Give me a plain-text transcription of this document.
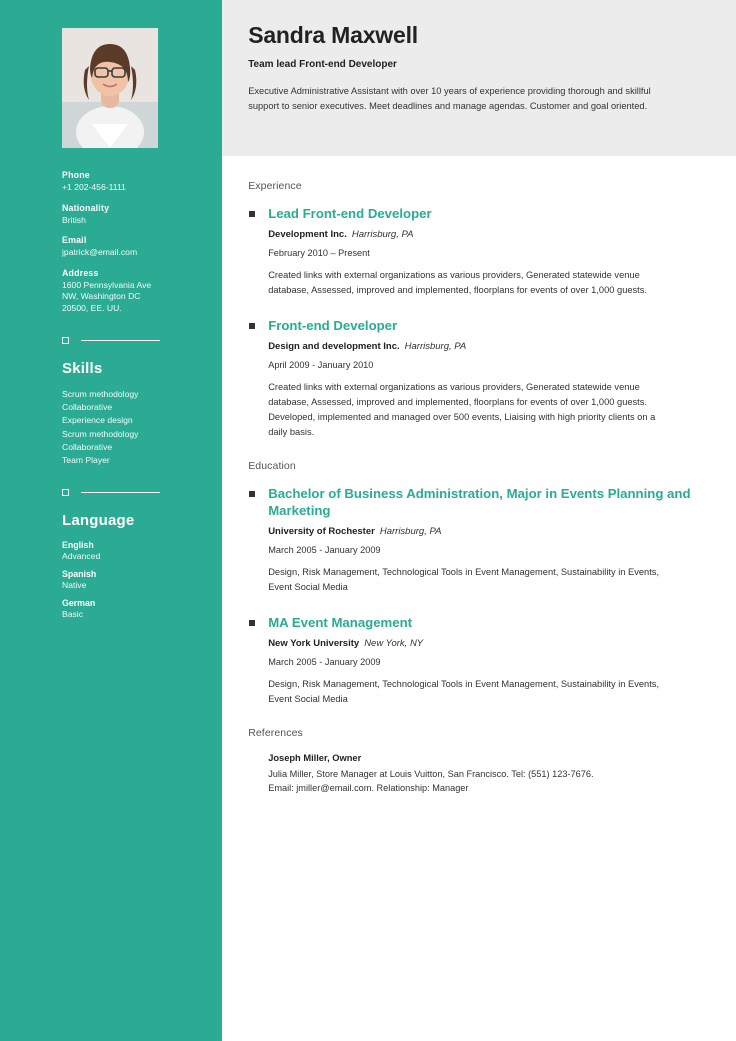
Phone
+1 202-456-1111
Nationality
British
Email
jpatrick@email.com
Address
1600 Pennsylvania Ave NW, Washington DC 20500, EE. UU.
Skills
Scrum methodology
Collaborative
Experience design
Scrum methodology
Collaborative
Team Player
Language
English
Advanced
Spanish
Native
German
Basic
Sandra Maxwell
Team lead Front-end Developer
Executive Administrative Assistant with over 10 years of experience providing thorough and skillful support to senior executives. Meet deadlines and manage agendas. Customer and goal oriented.
Experience
Lead Front-end Developer
Development Inc. Harrisburg, PA
February 2010 – Present
Created links with external organizations as various providers, Generated statewide venue database, Assessed, improved and implemented, floorplans for events of over 1,000 guests.
Front-end Developer
Design and development Inc. Harrisburg, PA
April 2009 - January 2010
Created links with external organizations as various providers, Generated statewide venue database, Assessed, improved and implemented, floorplans for events of over 1,000 guests. Developed, implemented and managed over 500 events, Liaising with high priority clients on a daily basis.
Education
Bachelor of Business Administration, Major in Events Planning and Marketing
University of Rochester Harrisburg, PA
March 2005 - January 2009
Design, Risk Management, Technological Tools in Event Management, Sustainability in Events, Event Social Media
MA Event Management
New York University New York, NY
March 2005 - January 2009
Design, Risk Management, Technological Tools in Event Management, Sustainability in Events, Event Social Media
References
Joseph Miller, Owner
Julia Miller, Store Manager at Louis Vuitton, San Francisco. Tel: (551) 123-7676.
Email: jmiller@email.com. Relationship: Manager
